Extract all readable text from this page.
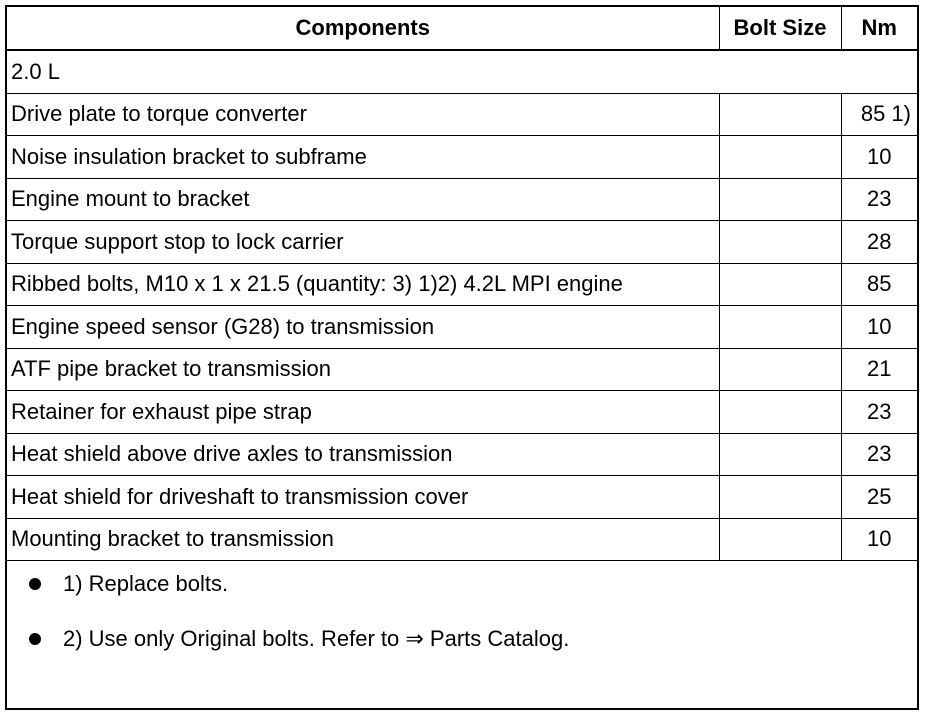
Components	Bolt Size	Nm
2.0 L		
Drive plate to torque converter		85 1)
Noise insulation bracket to subframe		10
Engine mount to bracket		23
Torque support stop to lock carrier		28
Ribbed bolts, M10 x 1 x 21.5 (quantity: 3) 1)2) 4.2L MPI engine		85
Engine speed sensor (G28) to transmission		10
ATF pipe bracket to transmission		21
Retainer for exhaust pipe strap		23
Heat shield above drive axles to transmission		23
Heat shield for driveshaft to transmission cover		25
Mounting bracket to transmission		10
1) Replace bolts.
2) Use only Original bolts. Refer to ⇒ Parts Catalog.
